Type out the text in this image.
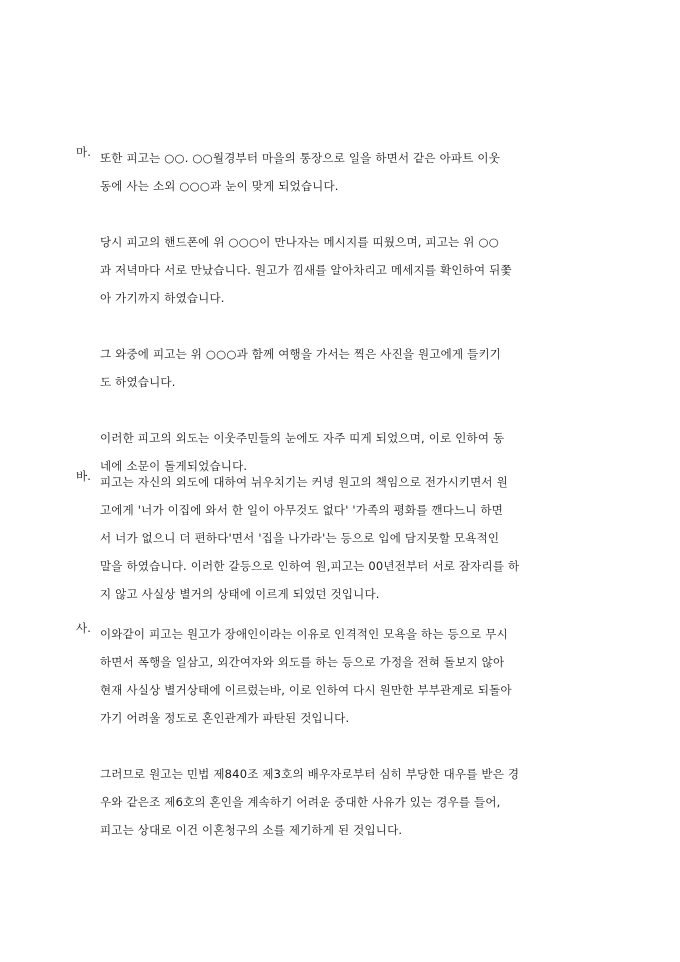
마. 또한 피고는 ○○. ○○월경부터 마을의 통장으로 일을 하면서 같은 아파트 이웃
동에 사는 소외 ○○○과 눈이 맞게 되었습니다.
당시 피고의 핸드폰에 위 ○○○이 만나자는 메시지를 띠웠으며, 피고는 위 ○○
과 저녁마다 서로 만났습니다. 원고가 낌새를 알아차리고 메세지를 확인하여 뒤쫓
아 가기까지 하였습니다.
그 와중에 피고는 위 ○○○과 함께 여행을 가서는 찍은 사진을 원고에게 들키기
도 하였습니다.
이러한 피고의 외도는 이웃주민들의 눈에도 자주 띠게 되었으며, 이로 인하여 동
네에 소문이 돌게되었습니다.
바. 피고는 자신의 외도에 대하여 뉘우치기는 커녕 원고의 책임으로 전가시키면서 원
고에게 '너가 이집에 와서 한 일이 아무것도 없다' '가족의 평화를 깬다느니 하면
서 너가 없으니 더 편하다'면서 '집을 나가라'는 등으로 입에 담지못할 모욕적인
말을 하였습니다. 이러한 갈등으로 인하여 원,피고는 00년전부터 서로 잠자리를 하
지 않고 사실상 별거의 상태에 이르게 되었던 것입니다.
사. 이와같이 피고는 원고가 장애인이라는 이유로 인격적인 모욕을 하는 등으로 무시
하면서 폭행을 일삼고, 외간여자와 외도를 하는 등으로 가정을 전혀 돌보지 않아
현재 사실상 별거상태에 이르렀는바, 이로 인하여 다시 원만한 부부관계로 되돌아
가기 어려울 정도로 혼인관계가 파탄된 것입니다.
그러므로 원고는 민법 제840조 제3호의 배우자로부터 심히 부당한 대우를 받은 경
우와 같은조 제6호의 혼인을 계속하기 어려운 중대한 사유가 있는 경우를 들어,
피고는 상대로 이건 이혼청구의 소를 제기하게 된 것입니다.
